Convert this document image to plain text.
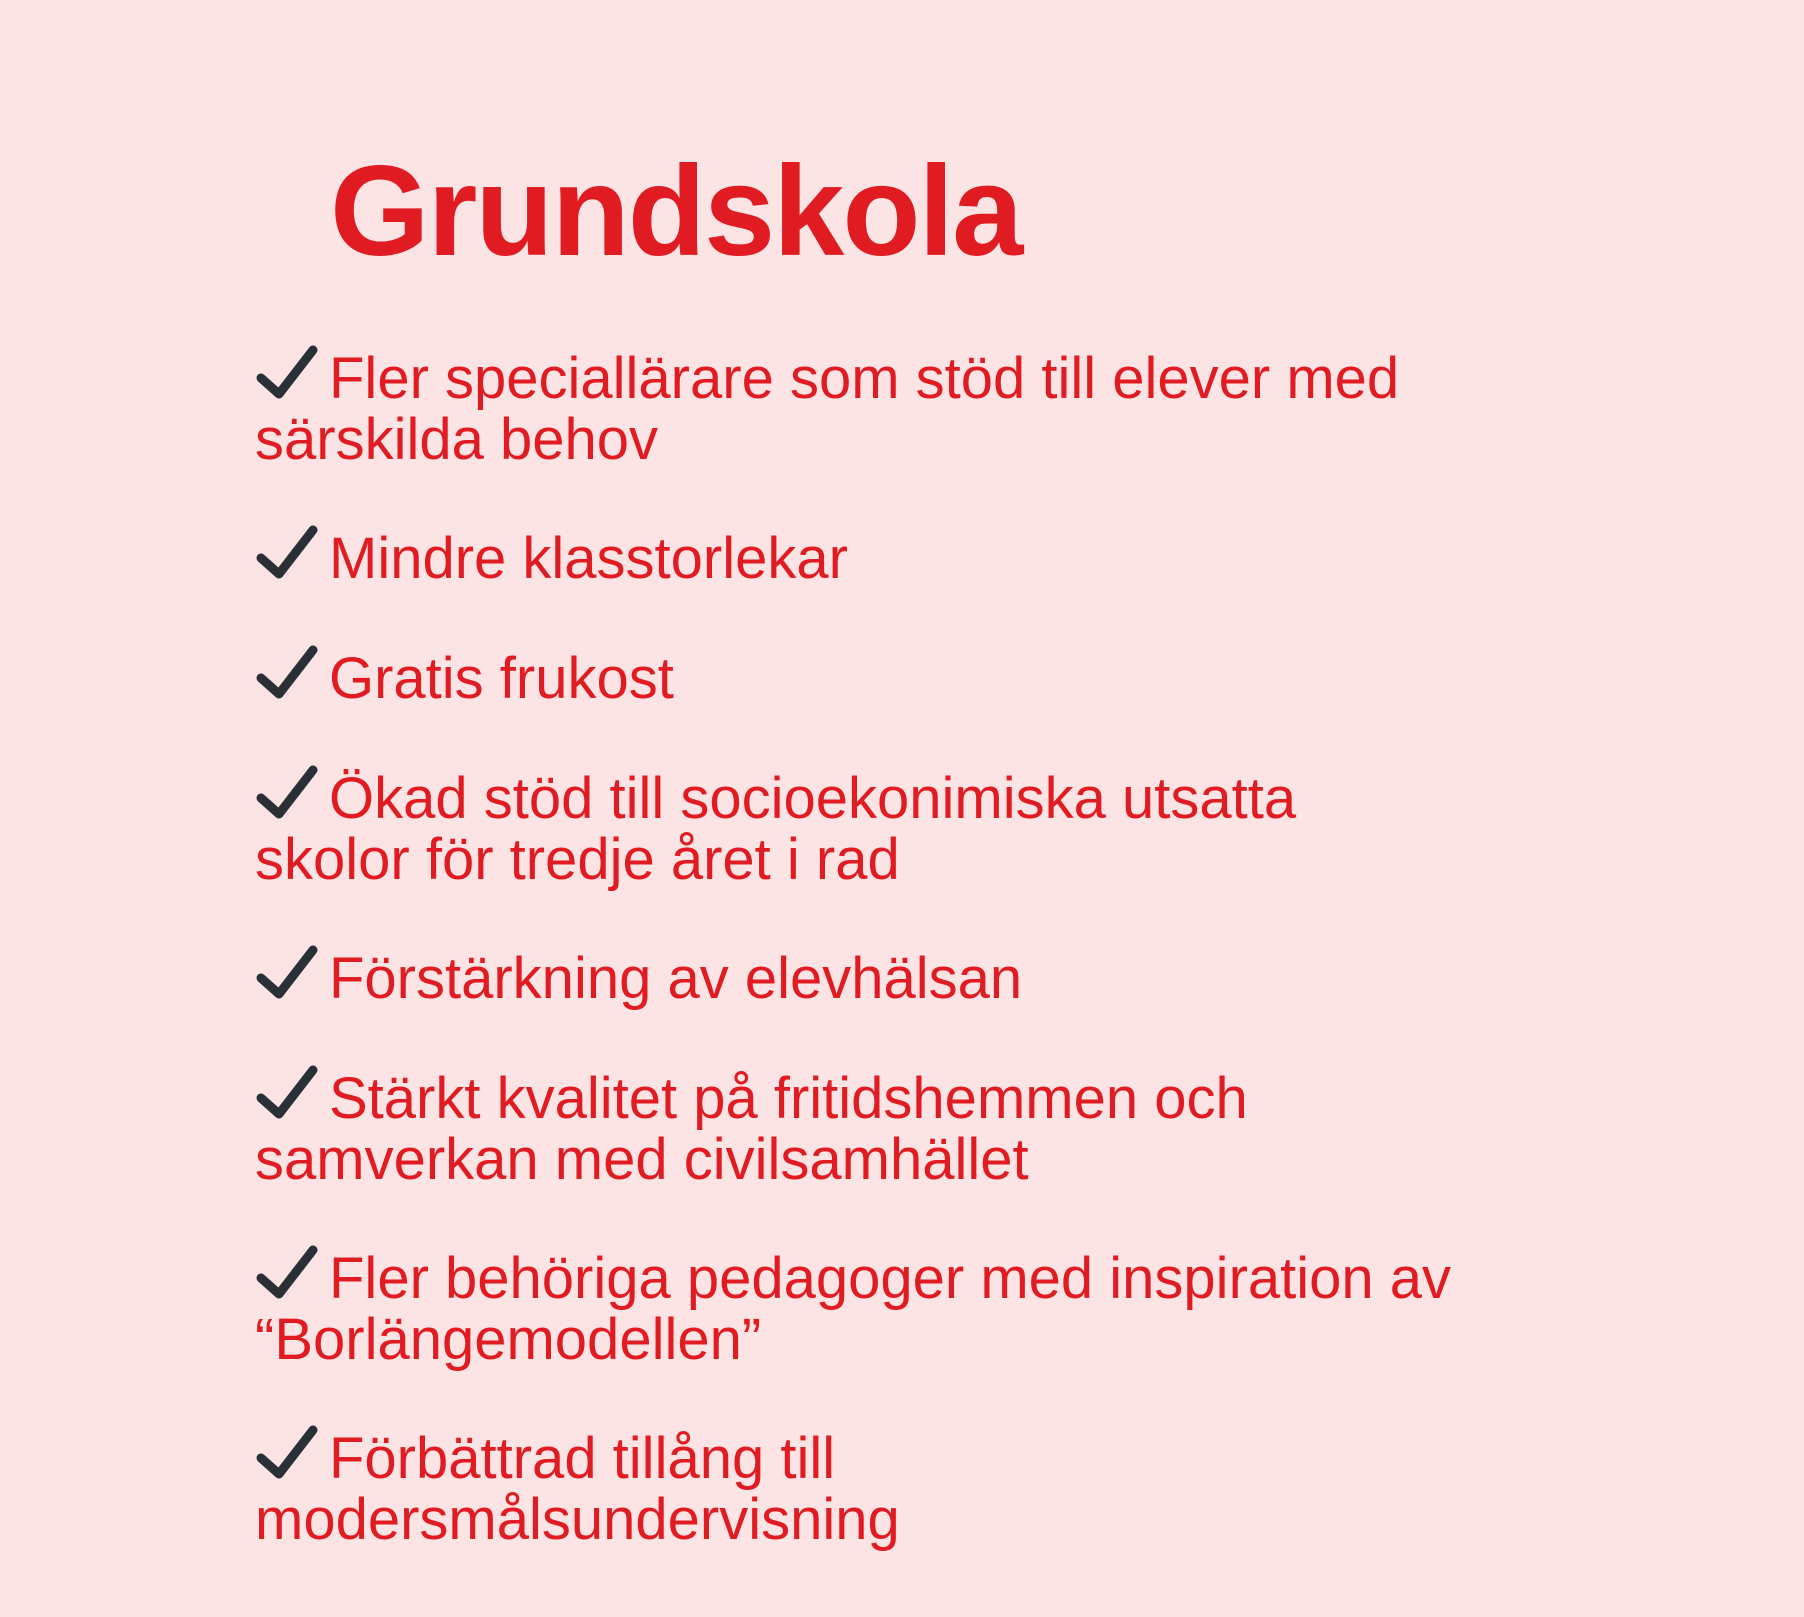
Grundskola
Fler speciallärare som stöd till elever med
särskilda behov
Mindre klasstorlekar
Gratis frukost
Ökad stöd till socioekonimiska utsatta
skolor för tredje året i rad
Förstärkning av elevhälsan
Stärkt kvalitet på fritidshemmen och
samverkan med civilsamhället
Fler behöriga pedagoger med inspiration av
“Borlängemodellen”
Förbättrad tillång till
modersmålsundervisning
